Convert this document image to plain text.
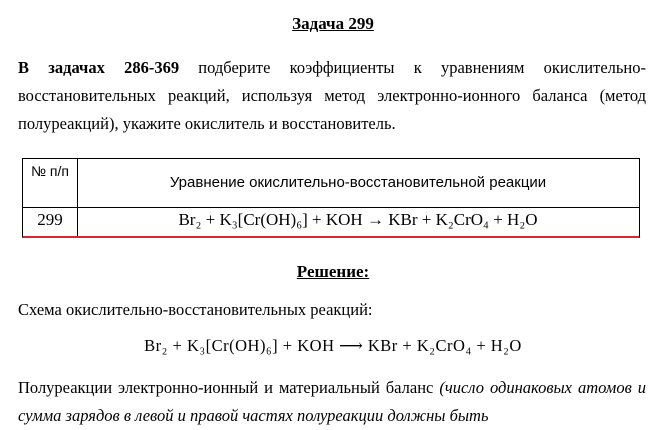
Задача 299
В задачах 286-369 подберите коэффициенты к уравнениям окислительно-восстановительных реакций, используя метод электронно-ионного баланса (метод полуреакций), укажите окислитель и восстановитель.
№ п/п
Уравнение окислительно-восстановительной реакции
299	Br₂ + K₃[Cr(OH)₆] + KOH → KBr + K₂CrO₄ + H₂O
Решение:
Схема окислительно-восстановительных реакций:
Br₂ + K₃[Cr(OH)₆] + KOH ⟶ KBr + K₂CrO₄ + H₂O
Полуреакции электронно-ионный и материальный баланс (число одинаковых атомов и сумма зарядов в левой и правой частях полуреакции должны быть
